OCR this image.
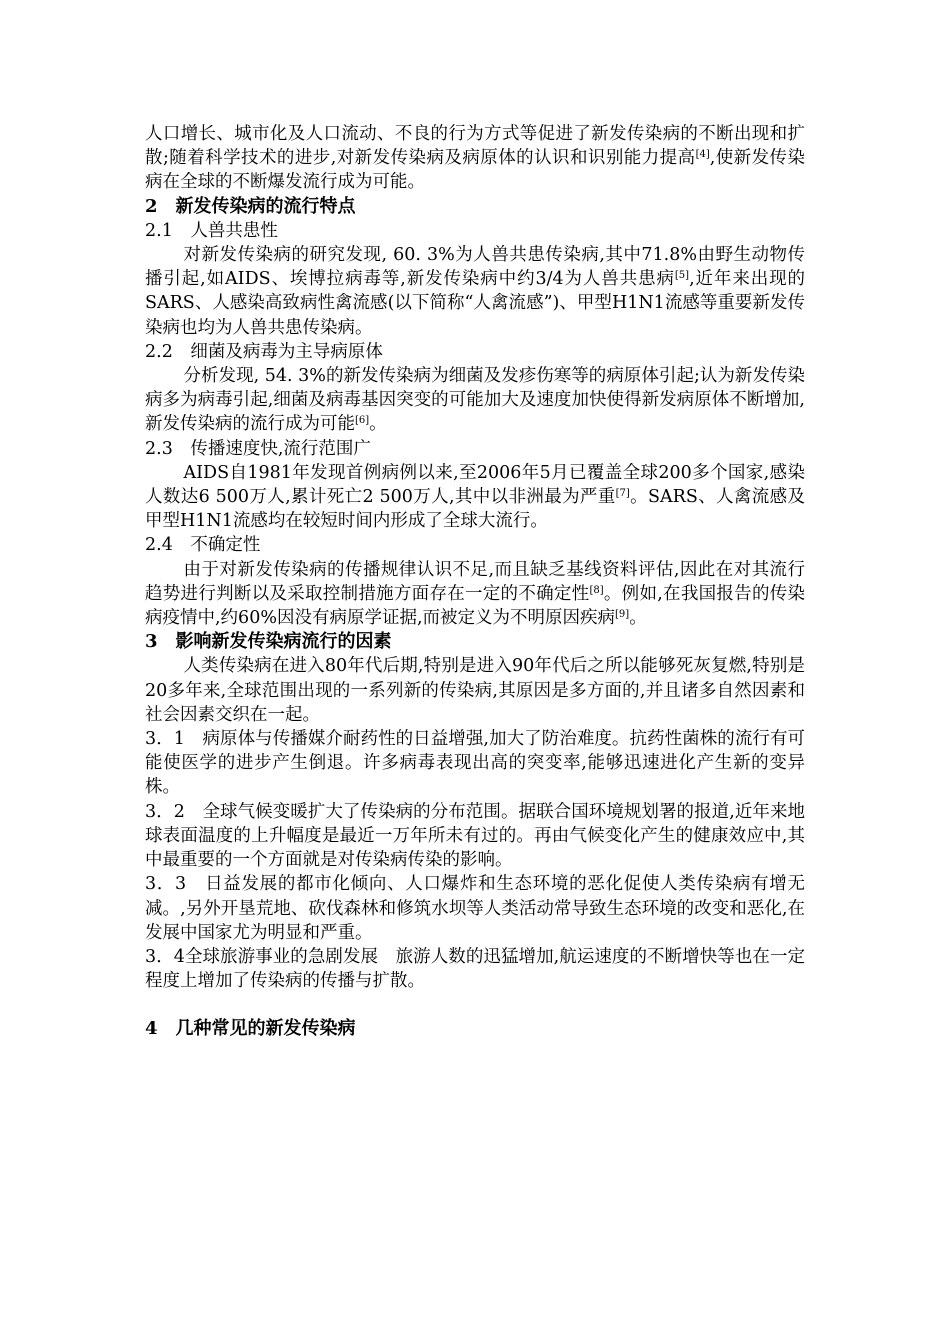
人口增长、城市化及人口流动、不良的行为方式等促进了新发传染病的不断出现和扩散;随着科学技术的进步,对新发传染病及病原体的认识和识别能力提高[4],使新发传染病在全球的不断爆发流行成为可能。

2　新发传染病的流行特点
2.1　人兽共患性

对新发传染病的研究发现, 60. 3%为人兽共患传染病,其中71.8%由野生动物传播引起,如AIDS、埃博拉病毒等,新发传染病中约3/4为人兽共患病[5],近年来出现的SARS、人感染高致病性禽流感(以下简称“人禽流感”)、甲型H1N1流感等重要新发传染病也均为人兽共患传染病。

2.2　细菌及病毒为主导病原体

分析发现, 54. 3%的新发传染病为细菌及发疹伤寒等的病原体引起;认为新发传染病多为病毒引起,细菌及病毒基因突变的可能加大及速度加快使得新发病原体不断增加,新发传染病的流行成为可能[6]。

2.3　传播速度快,流行范围广

AIDS自1981年发现首例病例以来,至2006年5月已覆盖全球200多个国家,感染人数达6 500万人,累计死亡2 500万人,其中以非洲最为严重[7]。SARS、人禽流感及甲型H1N1流感均在较短时间内形成了全球大流行。

2.4　不确定性

由于对新发传染病的传播规律认识不足,而且缺乏基线资料评估,因此在对其流行趋势进行判断以及采取控制措施方面存在一定的不确定性[8]。例如,在我国报告的传染病疫情中,约60%因没有病原学证据,而被定义为不明原因疾病[9]。

3　影响新发传染病流行的因素

人类传染病在进入80年代后期,特别是进入90年代后之所以能够死灰复燃,特别是20多年来,全球范围出现的一系列新的传染病,其原因是多方面的,并且诸多自然因素和社会因素交织在一起。

3．1　病原体与传播媒介耐药性的日益增强,加大了防治难度。抗药性菌株的流行有可能使医学的进步产生倒退。许多病毒表现出高的突变率,能够迅速进化产生新的变异株。

3．2　全球气候变暖扩大了传染病的分布范围。据联合国环境规划署的报道,近年来地球表面温度的上升幅度是最近一万年所未有过的。再由气候变化产生的健康效应中,其中最重要的一个方面就是对传染病传染的影响。

3．3　日益发展的都市化倾向、人口爆炸和生态环境的恶化促使人类传染病有增无减。,另外开垦荒地、砍伐森林和修筑水坝等人类活动常导致生态环境的改变和恶化,在发展中国家尤为明显和严重。

3．4全球旅游事业的急剧发展　旅游人数的迅猛增加,航运速度的不断增快等也在一定程度上增加了传染病的传播与扩散。

4　几种常见的新发传染病
